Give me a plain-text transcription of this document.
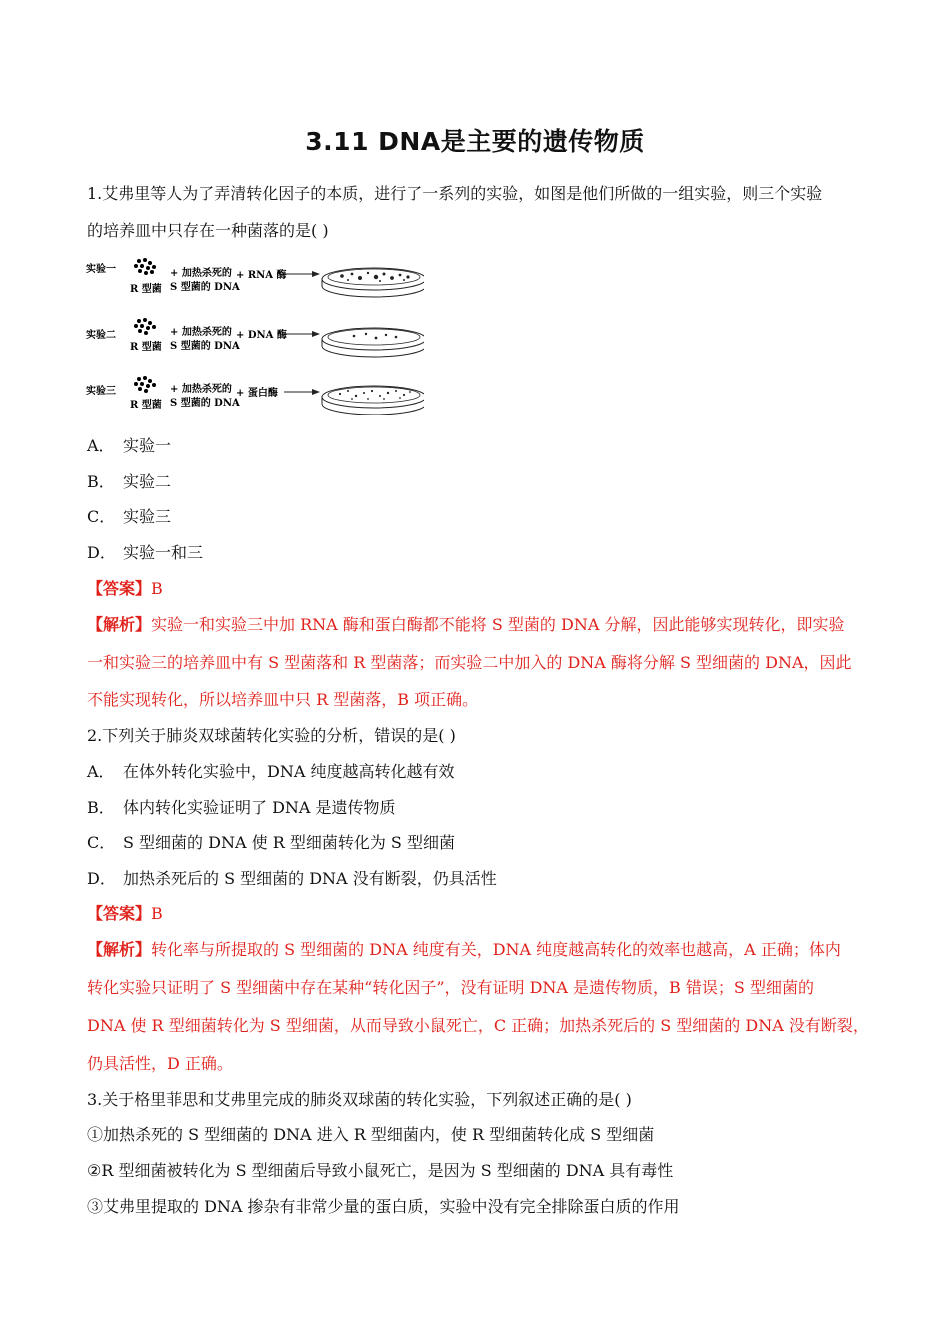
3.11 DNA是主要的遗传物质
1.艾弗里等人为了弄清转化因子的本质，进行了一系列的实验，如图是他们所做的一组实验，则三个实验
的培养皿中只存在一种菌落的是( )
实验一
R 型菌
+ 加热杀死的
S 型菌的 DNA
+ RNA 酶
实验二
R 型菌
+ 加热杀死的
S 型菌的 DNA
+ DNA 酶
实验三
R 型菌
+ 加热杀死的
S 型菌的 DNA
+ 蛋白酶
A． 实验一
B． 实验二
C． 实验三
D． 实验一和三
【答案】B
【解析】实验一和实验三中加 RNA 酶和蛋白酶都不能将 S 型菌的 DNA 分解，因此能够实现转化，即实验
一和实验三的培养皿中有 S 型菌落和 R 型菌落；而实验二中加入的 DNA 酶将分解 S 型细菌的 DNA，因此
不能实现转化，所以培养皿中只 R 型菌落，B 项正确。
2.下列关于肺炎双球菌转化实验的分析，错误的是( )
A． 在体外转化实验中，DNA 纯度越高转化越有效
B． 体内转化实验证明了 DNA 是遗传物质
C． S 型细菌的 DNA 使 R 型细菌转化为 S 型细菌
D． 加热杀死后的 S 型细菌的 DNA 没有断裂，仍具活性
【答案】B
【解析】转化率与所提取的 S 型细菌的 DNA 纯度有关，DNA 纯度越高转化的效率也越高，A 正确；体内
转化实验只证明了 S 型细菌中存在某种“转化因子”，没有证明 DNA 是遗传物质，B 错误；S 型细菌的
DNA 使 R 型细菌转化为 S 型细菌，从而导致小鼠死亡，C 正确；加热杀死后的 S 型细菌的 DNA 没有断裂，
仍具活性，D 正确。
3.关于格里菲思和艾弗里完成的肺炎双球菌的转化实验，下列叙述正确的是( )
①加热杀死的 S 型细菌的 DNA 进入 R 型细菌内，使 R 型细菌转化成 S 型细菌
②R 型细菌被转化为 S 型细菌后导致小鼠死亡，是因为 S 型细菌的 DNA 具有毒性
③艾弗里提取的 DNA 掺杂有非常少量的蛋白质，实验中没有完全排除蛋白质的作用
